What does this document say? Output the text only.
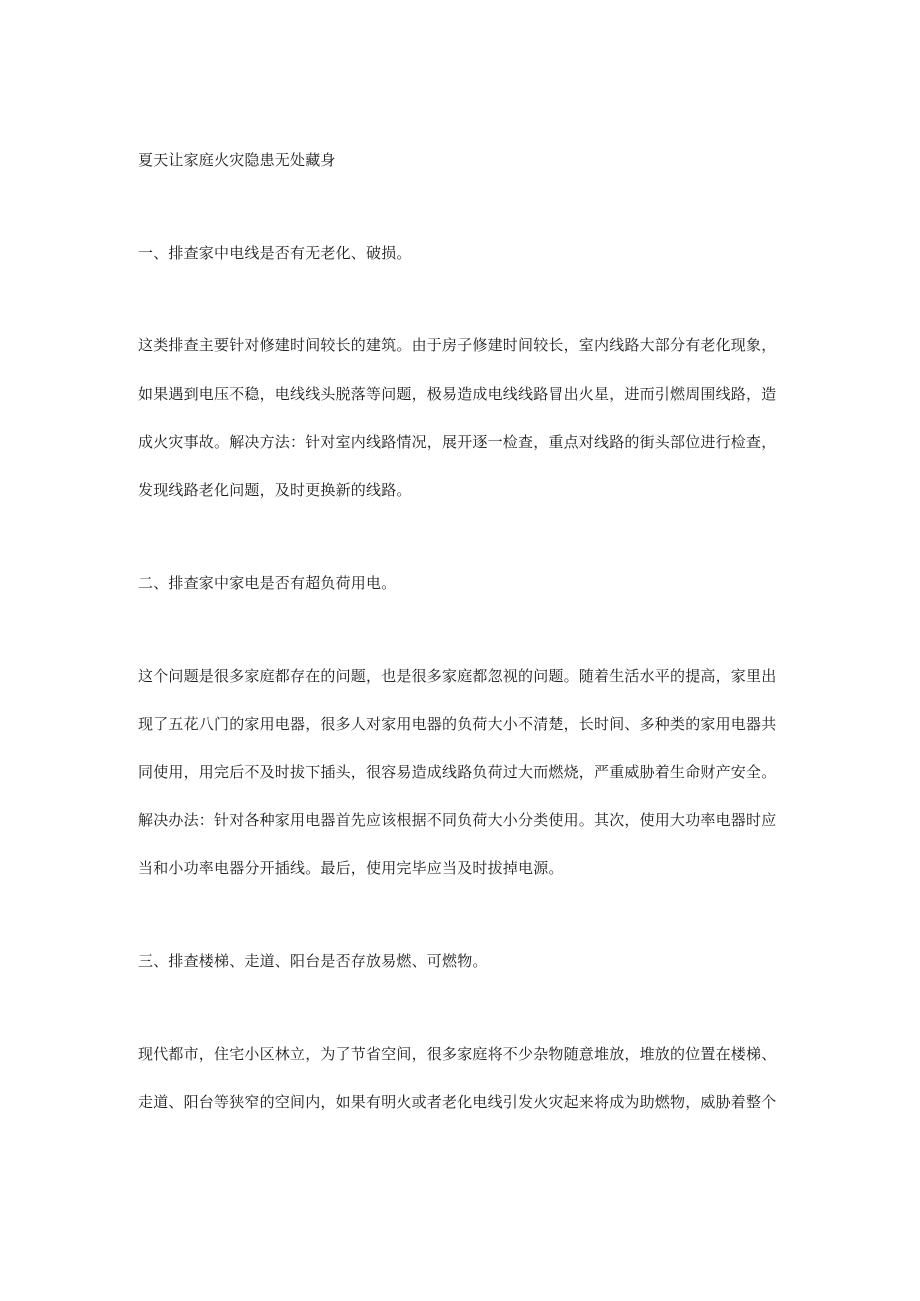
夏天让家庭火灾隐患无处藏身
一、排查家中电线是否有无老化、破损。
这类排查主要针对修建时间较长的建筑。由于房子修建时间较长，室内线路大部分有老化现象，
如果遇到电压不稳，电线线头脱落等问题，极易造成电线线路冒出火星，进而引燃周围线路，造
成火灾事故。解决方法：针对室内线路情况，展开逐一检查，重点对线路的街头部位进行检查，
发现线路老化问题，及时更换新的线路。
二、排查家中家电是否有超负荷用电。
这个问题是很多家庭都存在的问题，也是很多家庭都忽视的问题。随着生活水平的提高，家里出
现了五花八门的家用电器，很多人对家用电器的负荷大小不清楚，长时间、多种类的家用电器共
同使用，用完后不及时拔下插头，很容易造成线路负荷过大而燃烧，严重威胁着生命财产安全。
解决办法：针对各种家用电器首先应该根据不同负荷大小分类使用。其次，使用大功率电器时应
当和小功率电器分开插线。最后，使用完毕应当及时拔掉电源。
三、排查楼梯、走道、阳台是否存放易燃、可燃物。
现代都市，住宅小区林立，为了节省空间，很多家庭将不少杂物随意堆放，堆放的位置在楼梯、
走道、阳台等狭窄的空间内，如果有明火或者老化电线引发火灾起来将成为助燃物，威胁着整个
